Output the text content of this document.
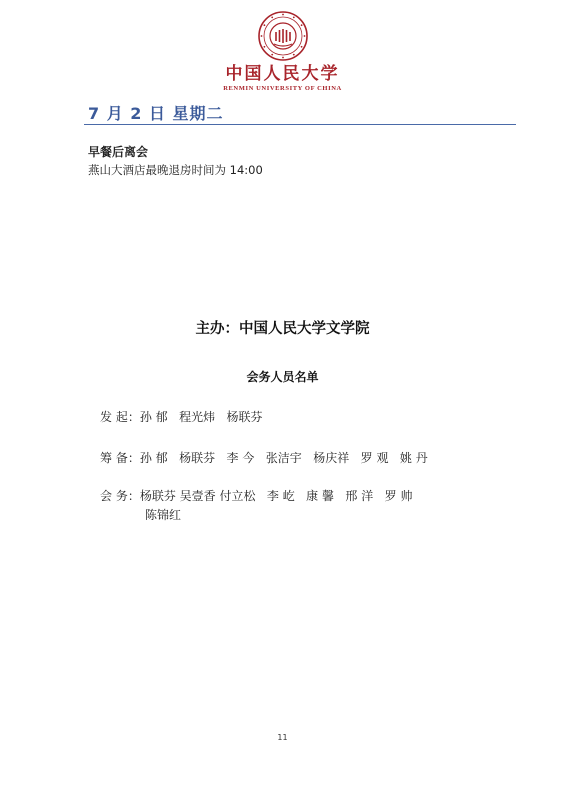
中国人民大学
RENMIN UNIVERSITY OF CHINA
7 月 2 日 星期二
早餐后离会
燕山大酒店最晚退房时间为 14:00
主办：中国人民大学文学院
会务人员名单
发 起：孙 郁   程光炜   杨联芬
筹 备：孙 郁   杨联芬   李 今   张洁宇   杨庆祥   罗 观   姚 丹
会 务：杨联芬 吴壹香 付立松   李 屹   康 馨   邢 洋   罗 帅
陈锦红
11
